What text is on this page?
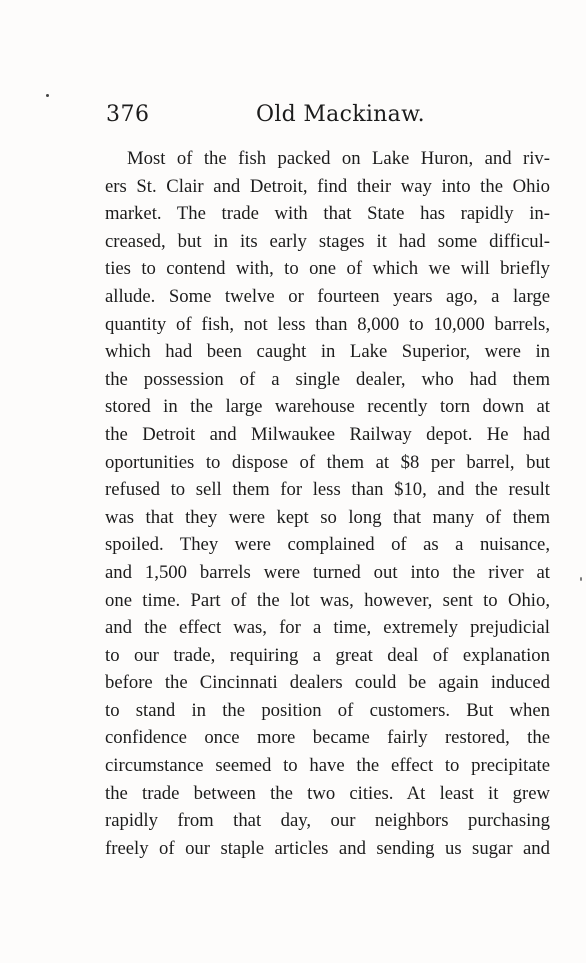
376	Old Mackinaw.
Most of the fish packed on Lake Huron, and riv-
ers St. Clair and Detroit, find their way into the Ohio
market. The trade with that State has rapidly in-
creased, but in its early stages it had some difficul-
ties to contend with, to one of which we will briefly
allude. Some twelve or fourteen years ago, a large
quantity of fish, not less than 8,000 to 10,000 barrels,
which had been caught in Lake Superior, were in
the possession of a single dealer, who had them
stored in the large warehouse recently torn down at
the Detroit and Milwaukee Railway depot. He had
oportunities to dispose of them at $8 per barrel, but
refused to sell them for less than $10, and the result
was that they were kept so long that many of them
spoiled. They were complained of as a nuisance,
and 1,500 barrels were turned out into the river at
one time. Part of the lot was, however, sent to Ohio,
and the effect was, for a time, extremely prejudicial
to our trade, requiring a great deal of explanation
before the Cincinnati dealers could be again induced
to stand in the position of customers. But when
confidence once more became fairly restored, the
circumstance seemed to have the effect to precipitate
the trade between the two cities. At least it grew
rapidly from that day, our neighbors purchasing
freely of our staple articles and sending us sugar and
